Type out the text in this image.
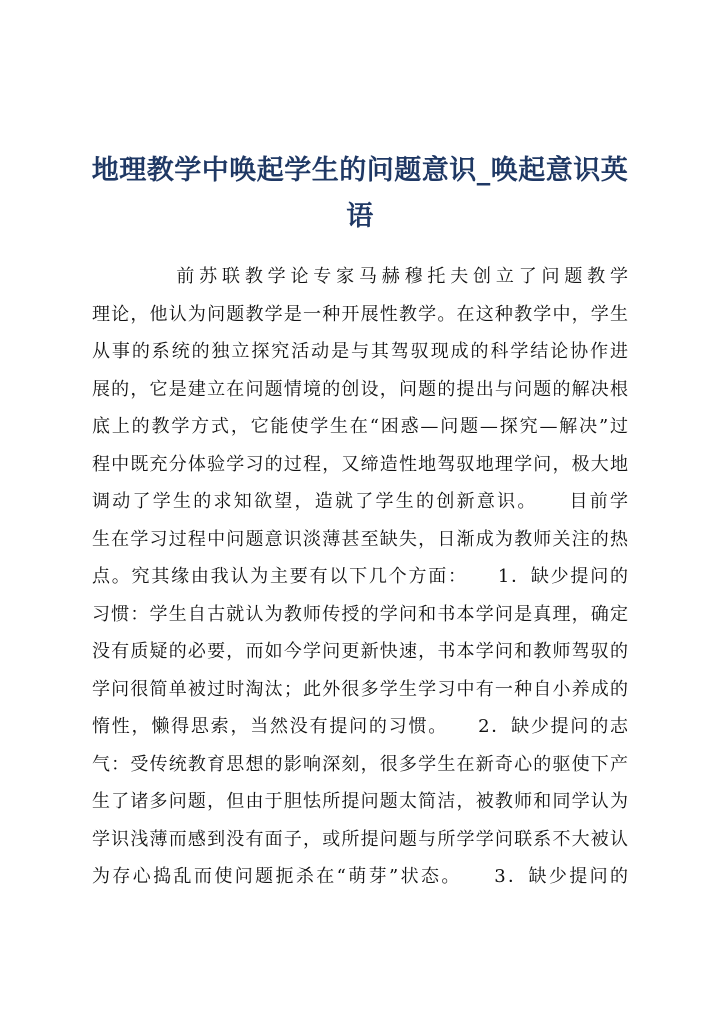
地理教学中唤起学生的问题意识_唤起意识英
语
前苏联教学论专家马赫穆托夫创立了问题教学
理论，他认为问题教学是一种开展性教学。在这种教学中，学生
从事的系统的独立探究活动是与其驾驭现成的科学结论协作进
展的，它是建立在问题情境的创设，问题的提出与问题的解决根
底上的教学方式，它能使学生在“困惑—问题—探究—解决”过
程中既充分体验学习的过程，又缔造性地驾驭地理学问，极大地
调动了学生的求知欲望，造就了学生的创新意识。    目前学
生在学习过程中问题意识淡薄甚至缺失，日渐成为教师关注的热
点。究其缘由我认为主要有以下几个方面：    1．缺少提问的
习惯：学生自古就认为教师传授的学问和书本学问是真理，确定
没有质疑的必要，而如今学问更新快速，书本学问和教师驾驭的
学问很简单被过时淘汰；此外很多学生学习中有一种自小养成的
惰性，懒得思索，当然没有提问的习惯。    2．缺少提问的志
气：受传统教育思想的影响深刻，很多学生在新奇心的驱使下产
生了诸多问题，但由于胆怯所提问题太简洁，被教师和同学认为
学识浅薄而感到没有面子，或所提问题与所学学问联系不大被认
为存心捣乱而使问题扼杀在“萌芽”状态。    3．缺少提问的
